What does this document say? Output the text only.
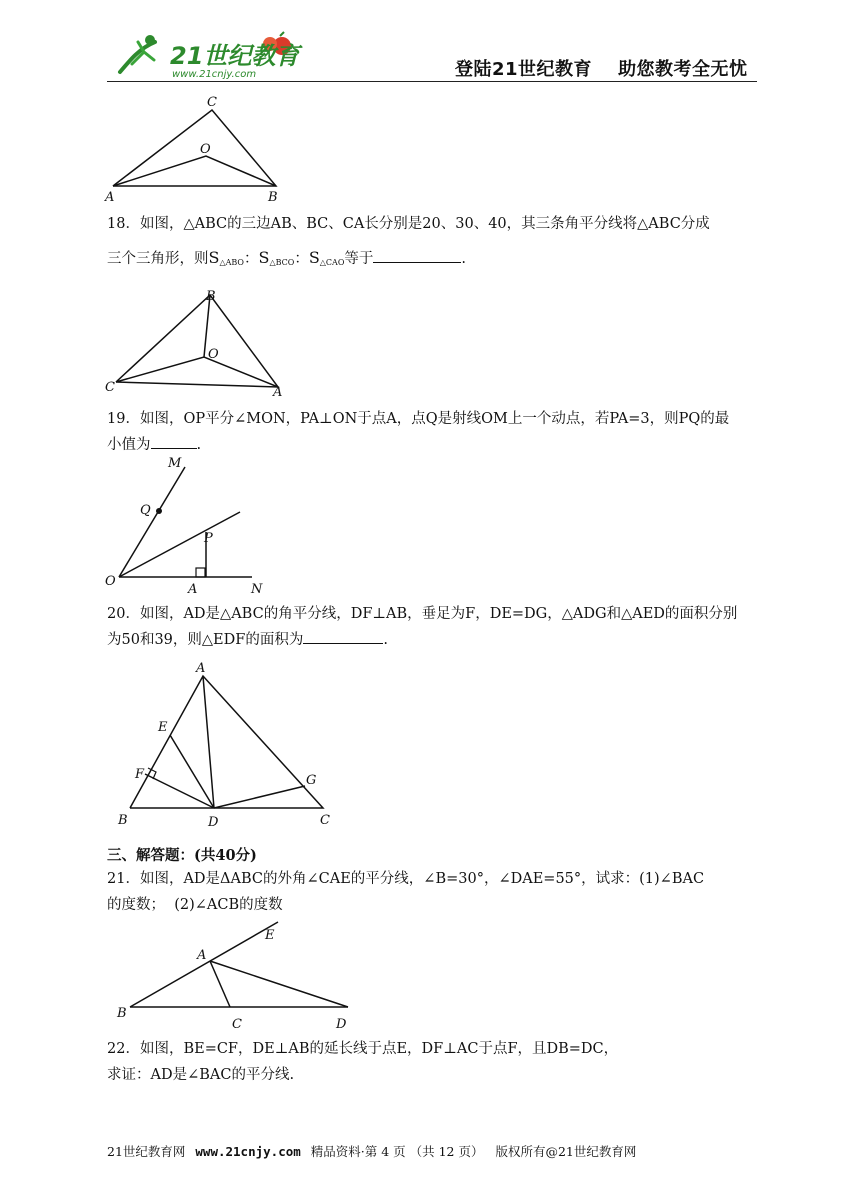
21世纪教育
www.21cnjy.com	登陆21世纪教育 助您教考全无忧
C
O
A	B
18．如图，△ABC的三边AB、BC、CA长分别是20、30、40，其三条角平分线将△ABC分成
三个三角形，则$S_{\triangle ABO}$：$S_{\triangle BCO}$：$S_{\triangle CAO}$等于	.
B
O
C	A
19．如图，OP平分∠MON，PA⊥ON于点A，点Q是射线OM上一个动点，若PA=3，则PQ的最
小值为	.
M
Q
P
O
A	N
20．如图，AD是△ABC的角平分线，DF⊥AB，垂足为F，DE=DG，△ADG和△AED的面积分别
为50和39，则△EDF的面积为	.
A
E
F	G
B	D	C
三、解答题：(共40分)
21．如图，AD是ΔABC的外角∠CAE的平分线，∠B=30°，∠DAE=55°，试求：(1)∠BAC
的度数；  (2)∠ACB的度数
E
A
B
C	D
22．如图，BE=CF，DE⊥AB的延长线于点E，DF⊥AC于点F，且DB=DC，
求证：AD是∠BAC的平分线.
21世纪教育网 www.21cnjy.com 精品资料·第 4 页 （共 12 页） 版权所有@21世纪教育网
